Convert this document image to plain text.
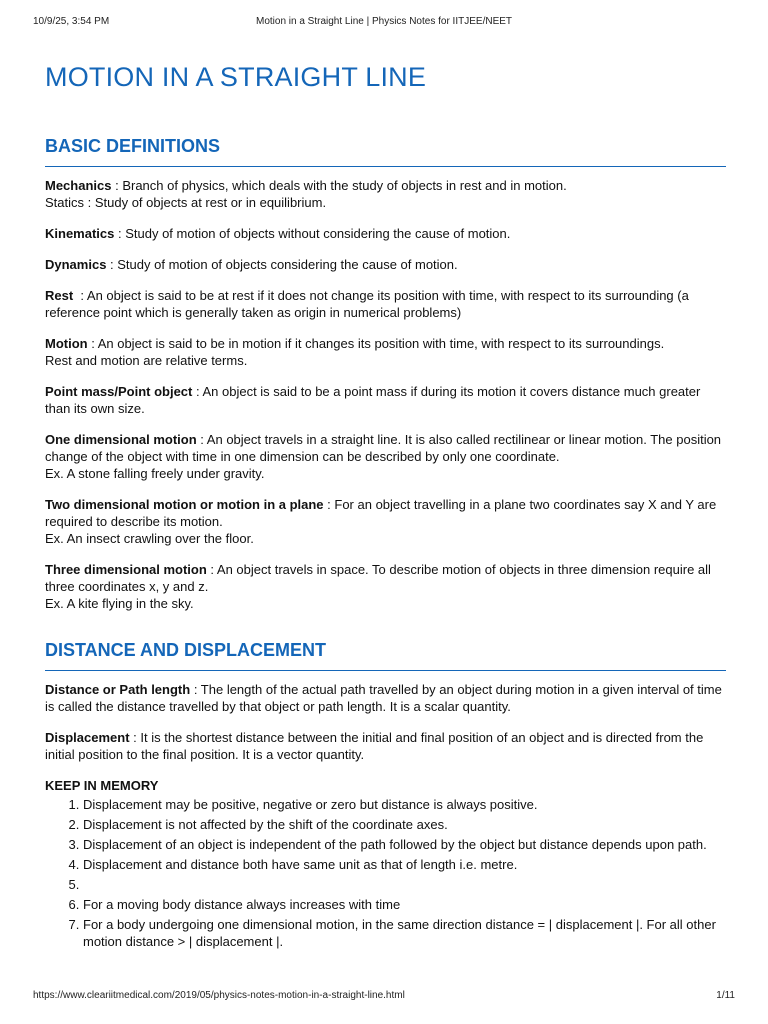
10/9/25, 3:54 PM	Motion in a Straight Line | Physics Notes for IITJEE/NEET
MOTION IN A STRAIGHT LINE
BASIC DEFINITIONS

Mechanics : Branch of physics, which deals with the study of objects in rest and in motion.
Statics : Study of objects at rest or in equilibrium.

Kinematics : Study of motion of objects without considering the cause of motion.

Dynamics : Study of motion of objects considering the cause of motion.

Rest  : An object is said to be at rest if it does not change its position with time, with respect to its surrounding (a reference point which is generally taken as origin in numerical problems)

Motion : An object is said to be in motion if it changes its position with time, with respect to its surroundings.
Rest and motion are relative terms.

Point mass/Point object : An object is said to be a point mass if during its motion it covers distance much greater than its own size.

One dimensional motion : An object travels in a straight line. It is also called rectilinear or linear motion. The position change of the object with time in one dimension can be described by only one coordinate.
Ex. A stone falling freely under gravity.

Two dimensional motion or motion in a plane : For an object travelling in a plane two coordinates say X and Y are required to describe its motion.
Ex. An insect crawling over the floor.

Three dimensional motion : An object travels in space. To describe motion of objects in three dimension require all three coordinates x, y and z.
Ex. A kite flying in the sky.

DISTANCE AND DISPLACEMENT

Distance or Path length : The length of the actual path travelled by an object during motion in a given interval of time is called the distance travelled by that object or path length. It is a scalar quantity.

Displacement : It is the shortest distance between the initial and final position of an object and is directed from the initial position to the final position. It is a vector quantity.

KEEP IN MEMORY
1. Displacement may be positive, negative or zero but distance is always positive.
2. Displacement is not affected by the shift of the coordinate axes.
3. Displacement of an object is independent of the path followed by the object but distance depends upon path.
4. Displacement and distance both have same unit as that of length i.e. metre.
5.
6. For a moving body distance always increases with time
7. For a body undergoing one dimensional motion, in the same direction distance = | displacement |. For all other motion distance > | displacement |.
https://www.cleariitmedical.com/2019/05/physics-notes-motion-in-a-straight-line.html	1/11
